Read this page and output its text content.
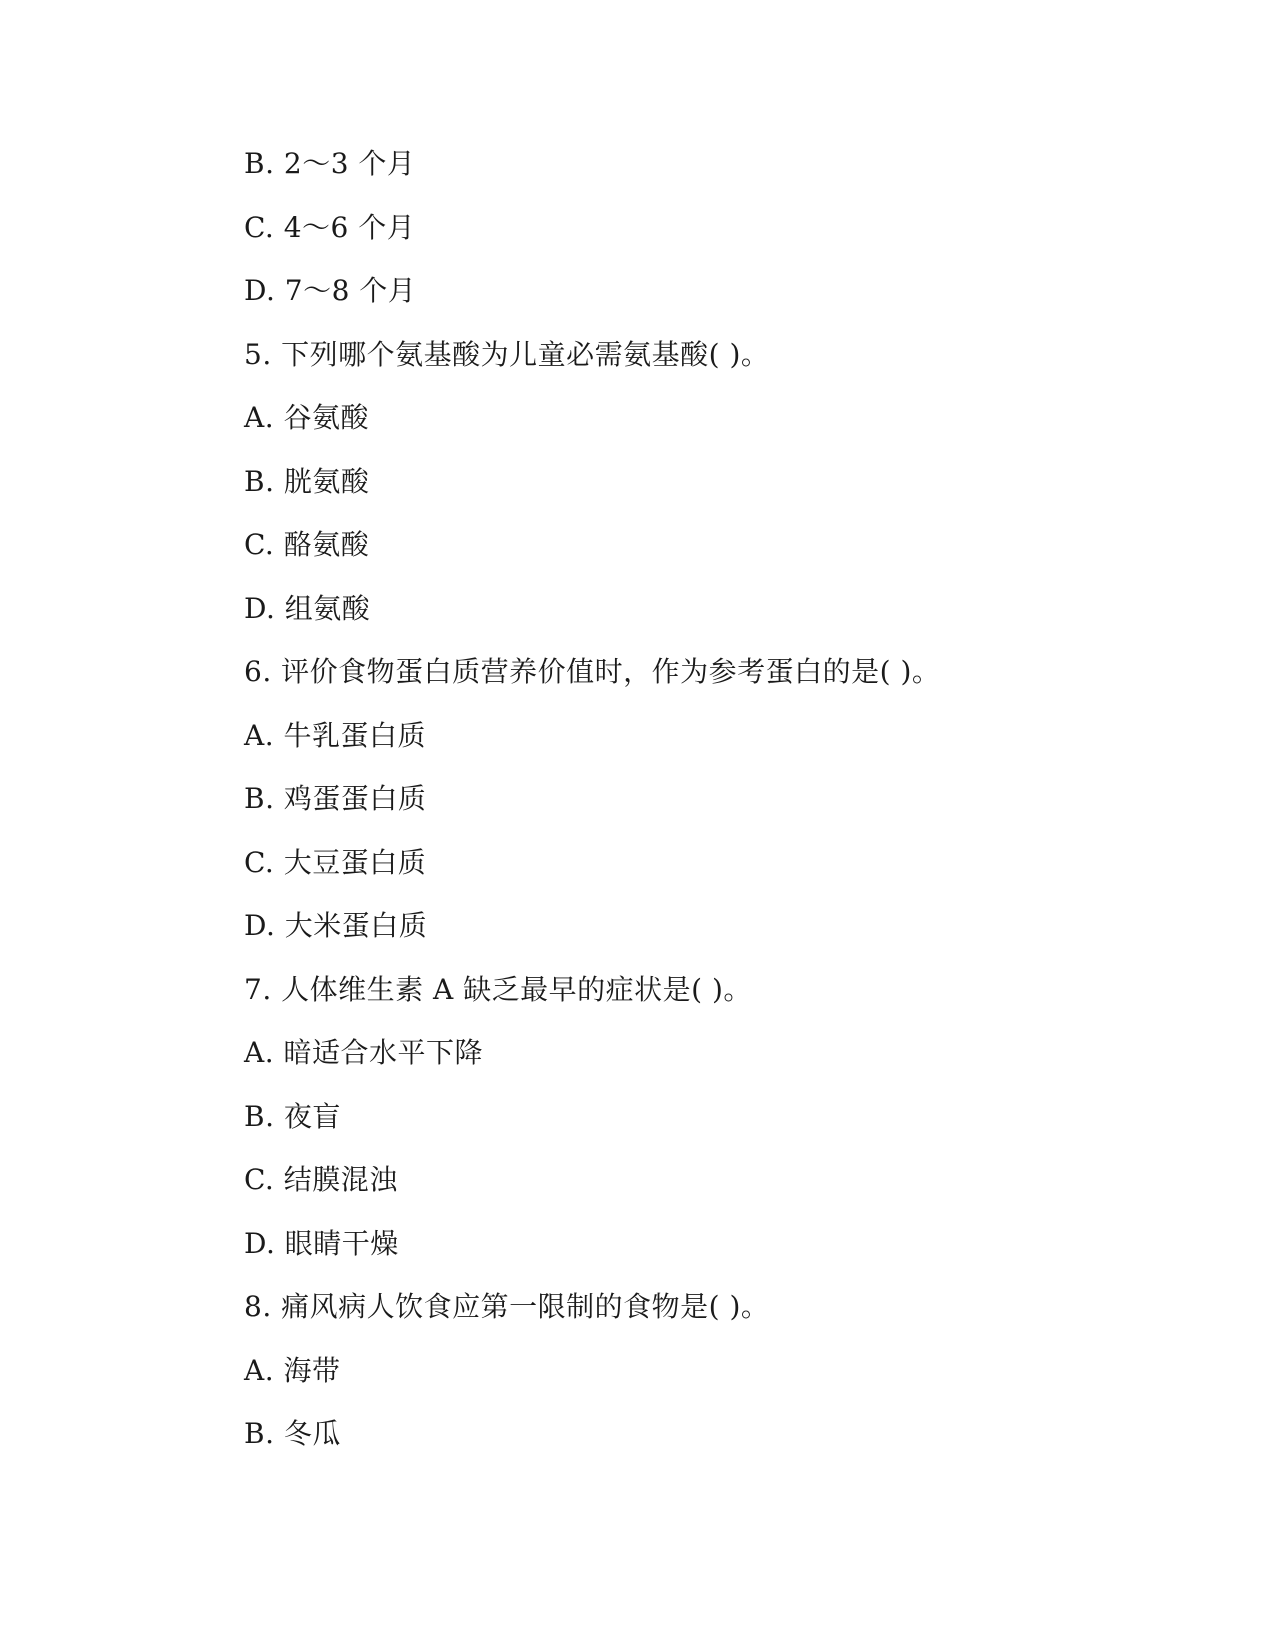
B. 2～3 个月
C. 4～6 个月
D. 7～8 个月
5. 下列哪个氨基酸为儿童必需氨基酸( )。
A. 谷氨酸
B. 胱氨酸
C. 酪氨酸
D. 组氨酸
6. 评价食物蛋白质营养价值时，作为参考蛋白的是( )。
A. 牛乳蛋白质
B. 鸡蛋蛋白质
C. 大豆蛋白质
D. 大米蛋白质
7. 人体维生素 A 缺乏最早的症状是( )。
A. 暗适合水平下降
B. 夜盲
C. 结膜混浊
D. 眼睛干燥
8. 痛风病人饮食应第一限制的食物是( )。
A. 海带
B. 冬瓜
